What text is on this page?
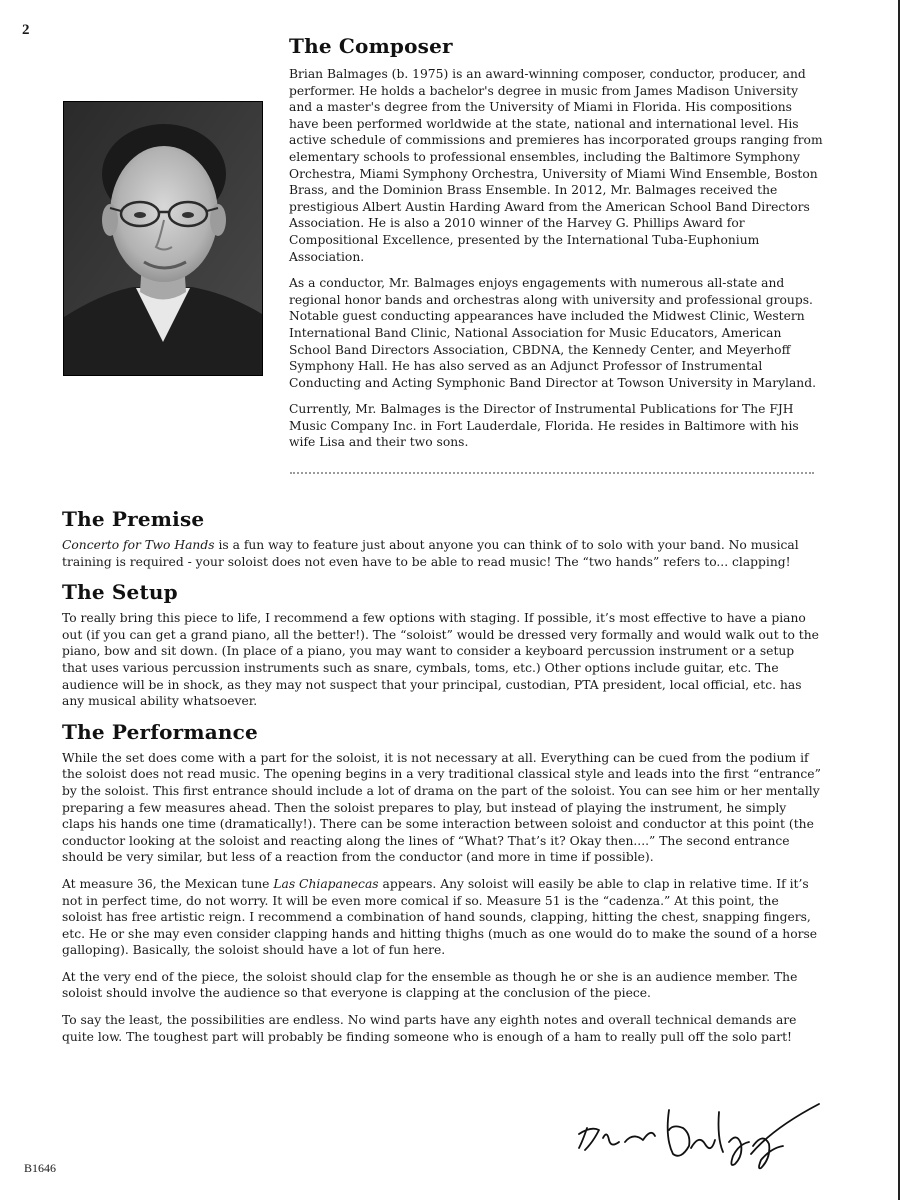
2
The Composer

Brian Balmages (b. 1975) is an award-winning composer, conductor, producer, and performer. He holds a bachelor's degree in music from James Madison University and a master's degree from the University of Miami in Florida. His compositions have been performed worldwide at the state, national and international level. His active schedule of commissions and premieres has incorporated groups ranging from elementary schools to professional ensembles, including the Baltimore Symphony Orchestra, Miami Symphony Orchestra, University of Miami Wind Ensemble, Boston Brass, and the Dominion Brass Ensemble. In 2012, Mr. Balmages received the prestigious Albert Austin Harding Award from the American School Band Directors Association. He is also a 2010 winner of the Harvey G. Phillips Award for Compositional Excellence, presented by the International Tuba-Euphonium Association.

As a conductor, Mr. Balmages enjoys engagements with numerous all-state and regional honor bands and orchestras along with university and professional groups. Notable guest conducting appearances have included the Midwest Clinic, Western International Band Clinic, National Association for Music Educators, American School Band Directors Association, CBDNA, the Kennedy Center, and Meyerhoff Symphony Hall. He has also served as an Adjunct Professor of Instrumental Conducting and Acting Symphonic Band Director at Towson University in Maryland.

Currently, Mr. Balmages is the Director of Instrumental Publications for The FJH Music Company Inc. in Fort Lauderdale, Florida. He resides in Baltimore with his wife Lisa and their two sons.

The Premise

Concerto for Two Hands is a fun way to feature just about anyone you can think of to solo with your band. No musical training is required - your soloist does not even have to be able to read music! The “two hands” refers to... clapping!

The Setup

To really bring this piece to life, I recommend a few options with staging. If possible, it’s most effective to have a piano out (if you can get a grand piano, all the better!). The “soloist” would be dressed very formally and would walk out to the piano, bow and sit down. (In place of a piano, you may want to consider a keyboard percussion instrument or a setup that uses various percussion instruments such as snare, cymbals, toms, etc.) Other options include guitar, etc. The audience will be in shock, as they may not suspect that your principal, custodian, PTA president, local official, etc. has any musical ability whatsoever.

The Performance

While the set does come with a part for the soloist, it is not necessary at all. Everything can be cued from the podium if the soloist does not read music. The opening begins in a very traditional classical style and leads into the first “entrance” by the soloist. This first entrance should include a lot of drama on the part of the soloist. You can see him or her mentally preparing a few measures ahead. Then the soloist prepares to play, but instead of playing the instrument, he simply claps his hands one time (dramatically!). There can be some interaction between soloist and conductor at this point (the conductor looking at the soloist and reacting along the lines of “What? That’s it? Okay then....” The second entrance should be very similar, but less of a reaction from the conductor (and more in time if possible).

At measure 36, the Mexican tune Las Chiapanecas appears. Any soloist will easily be able to clap in relative time. If it’s not in perfect time, do not worry. It will be even more comical if so. Measure 51 is the “cadenza.” At this point, the soloist has free artistic reign. I recommend a combination of hand sounds, clapping, hitting the chest, snapping fingers, etc. He or she may even consider clapping hands and hitting thighs (much as one would do to make the sound of a horse galloping). Basically, the soloist should have a lot of fun here.

At the very end of the piece, the soloist should clap for the ensemble as though he or she is an audience member. The soloist should involve the audience so that everyone is clapping at the conclusion of the piece.

To say the least, the possibilities are endless. No wind parts have any eighth notes and overall technical demands are quite low. The toughest part will probably be finding someone who is enough of a ham to really pull off the solo part!

B1646
